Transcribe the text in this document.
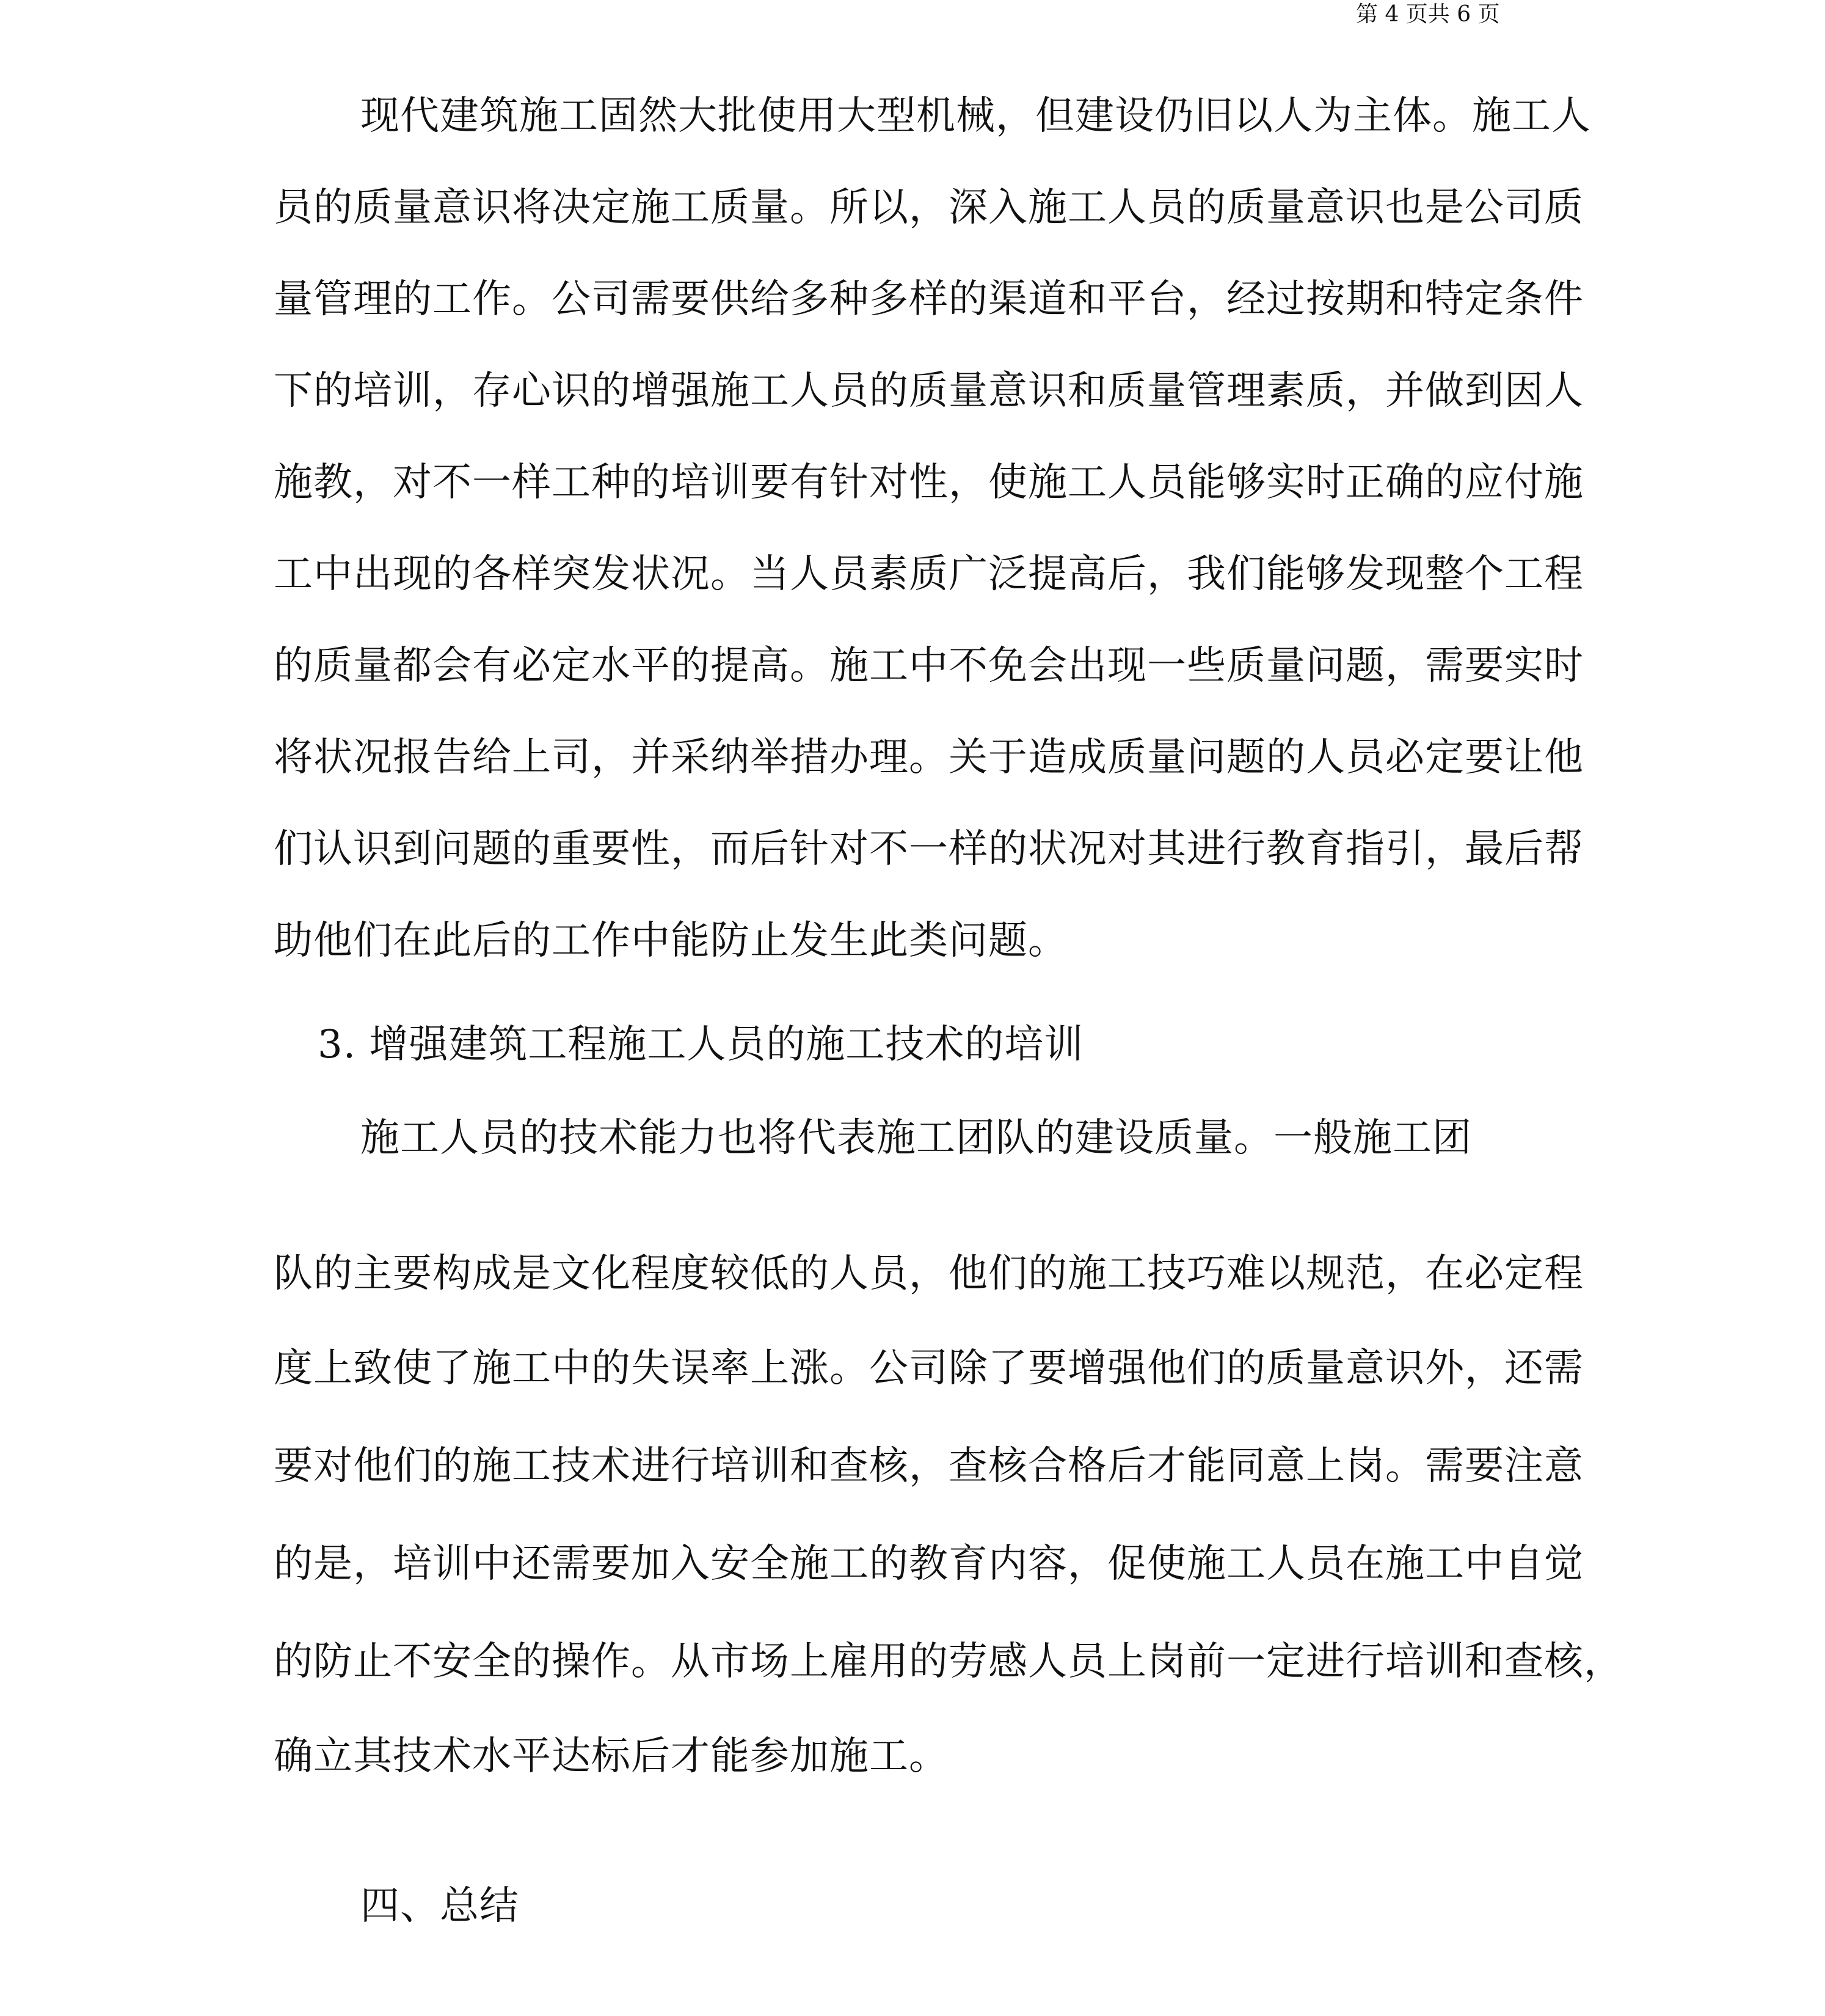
第 4 页共 6 页
现代建筑施工固然大批使用大型机械，但建设仍旧以人为主体。施工人
员的质量意识将决定施工质量。所以，深入施工人员的质量意识也是公司质
量管理的工作。公司需要供给多种多样的渠道和平台，经过按期和特定条件
下的培训，存心识的增强施工人员的质量意识和质量管理素质，并做到因人
施教，对不一样工种的培训要有针对性，使施工人员能够实时正确的应付施
工中出现的各样突发状况。当人员素质广泛提高后，我们能够发现整个工程
的质量都会有必定水平的提高。施工中不免会出现一些质量问题，需要实时
将状况报告给上司，并采纳举措办理。关于造成质量问题的人员必定要让他
们认识到问题的重要性，而后针对不一样的状况对其进行教育指引，最后帮
助他们在此后的工作中能防止发生此类问题。
3. 增强建筑工程施工人员的施工技术的培训
施工人员的技术能力也将代表施工团队的建设质量。一般施工团
队的主要构成是文化程度较低的人员，他们的施工技巧难以规范，在必定程
度上致使了施工中的失误率上涨。公司除了要增强他们的质量意识外，还需
要对他们的施工技术进行培训和查核，查核合格后才能同意上岗。需要注意
的是，培训中还需要加入安全施工的教育内容，促使施工人员在施工中自觉
的防止不安全的操作。从市场上雇用的劳感人员上岗前一定进行培训和查核，
确立其技术水平达标后才能参加施工。
四、总结
